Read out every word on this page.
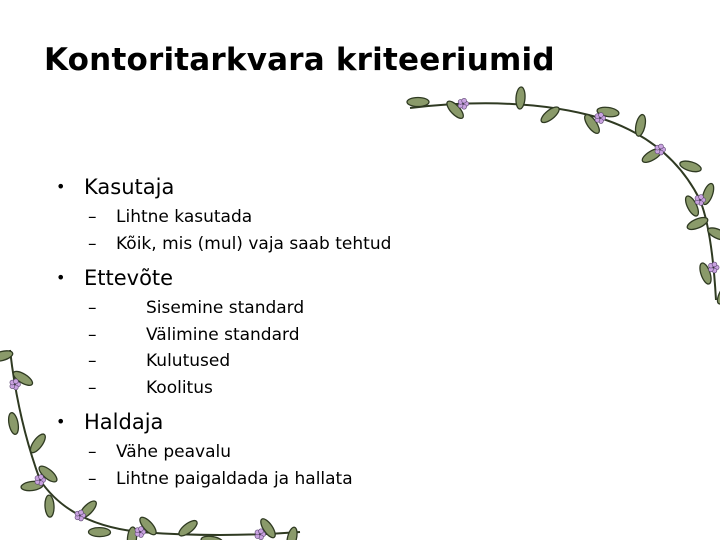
Kontoritarkvara kriteeriumid
• Kasutaja
– Lihtne kasutada
– Kõik, mis (mul) vaja saab tehtud
• Ettevõte
–	Sisemine standard
–	Välimine standard
–	Kulutused
–	Koolitus
• Haldaja
– Vähe peavalu
– Lihtne paigaldada ja hallata
